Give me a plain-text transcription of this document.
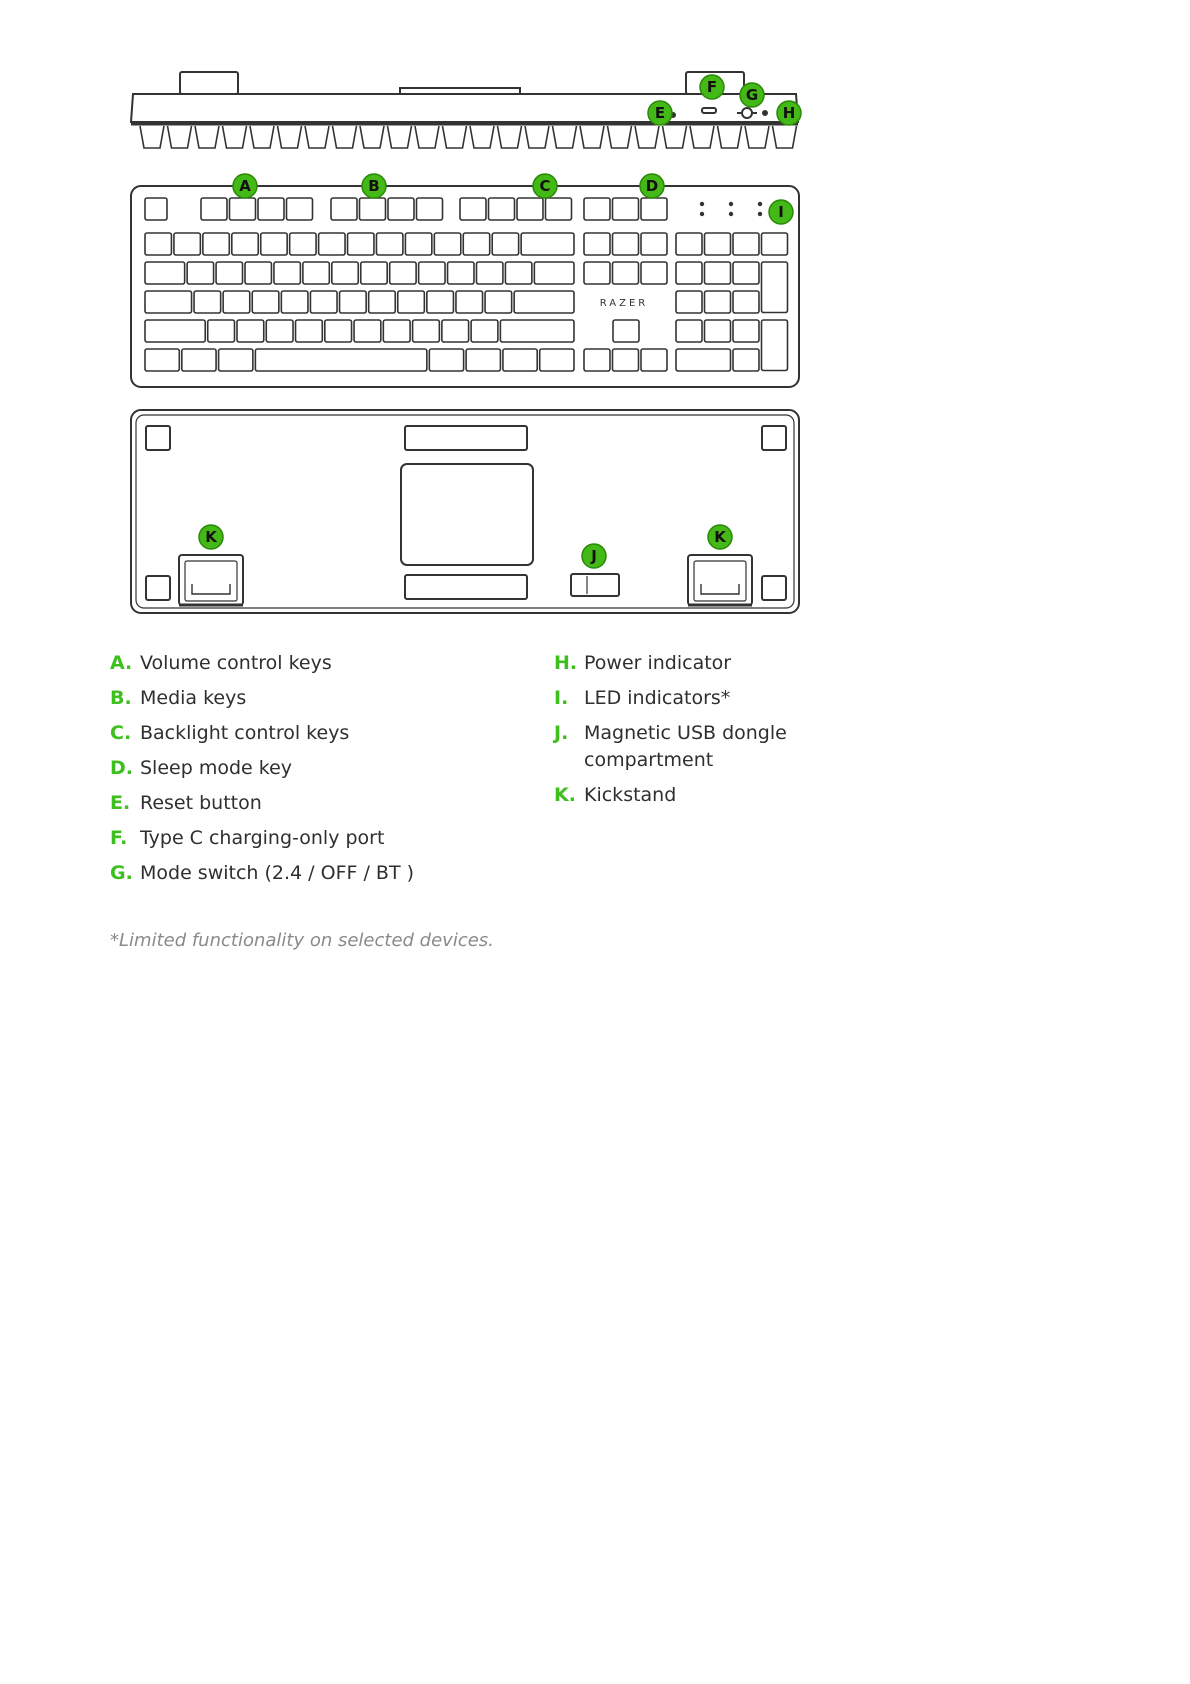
RAZER
A	B	C	D
E
F G
H
I
J
K	K
A. Volume control keys
B. Media keys
C. Backlight control keys
D. Sleep mode key
E. Reset button
F. Type C charging-only port
G. Mode switch (2.4 / OFF / BT )
H. Power indicator
I. LED indicators*
J. Magnetic USB dongle compartment
K. Kickstand
*Limited functionality on selected devices.
